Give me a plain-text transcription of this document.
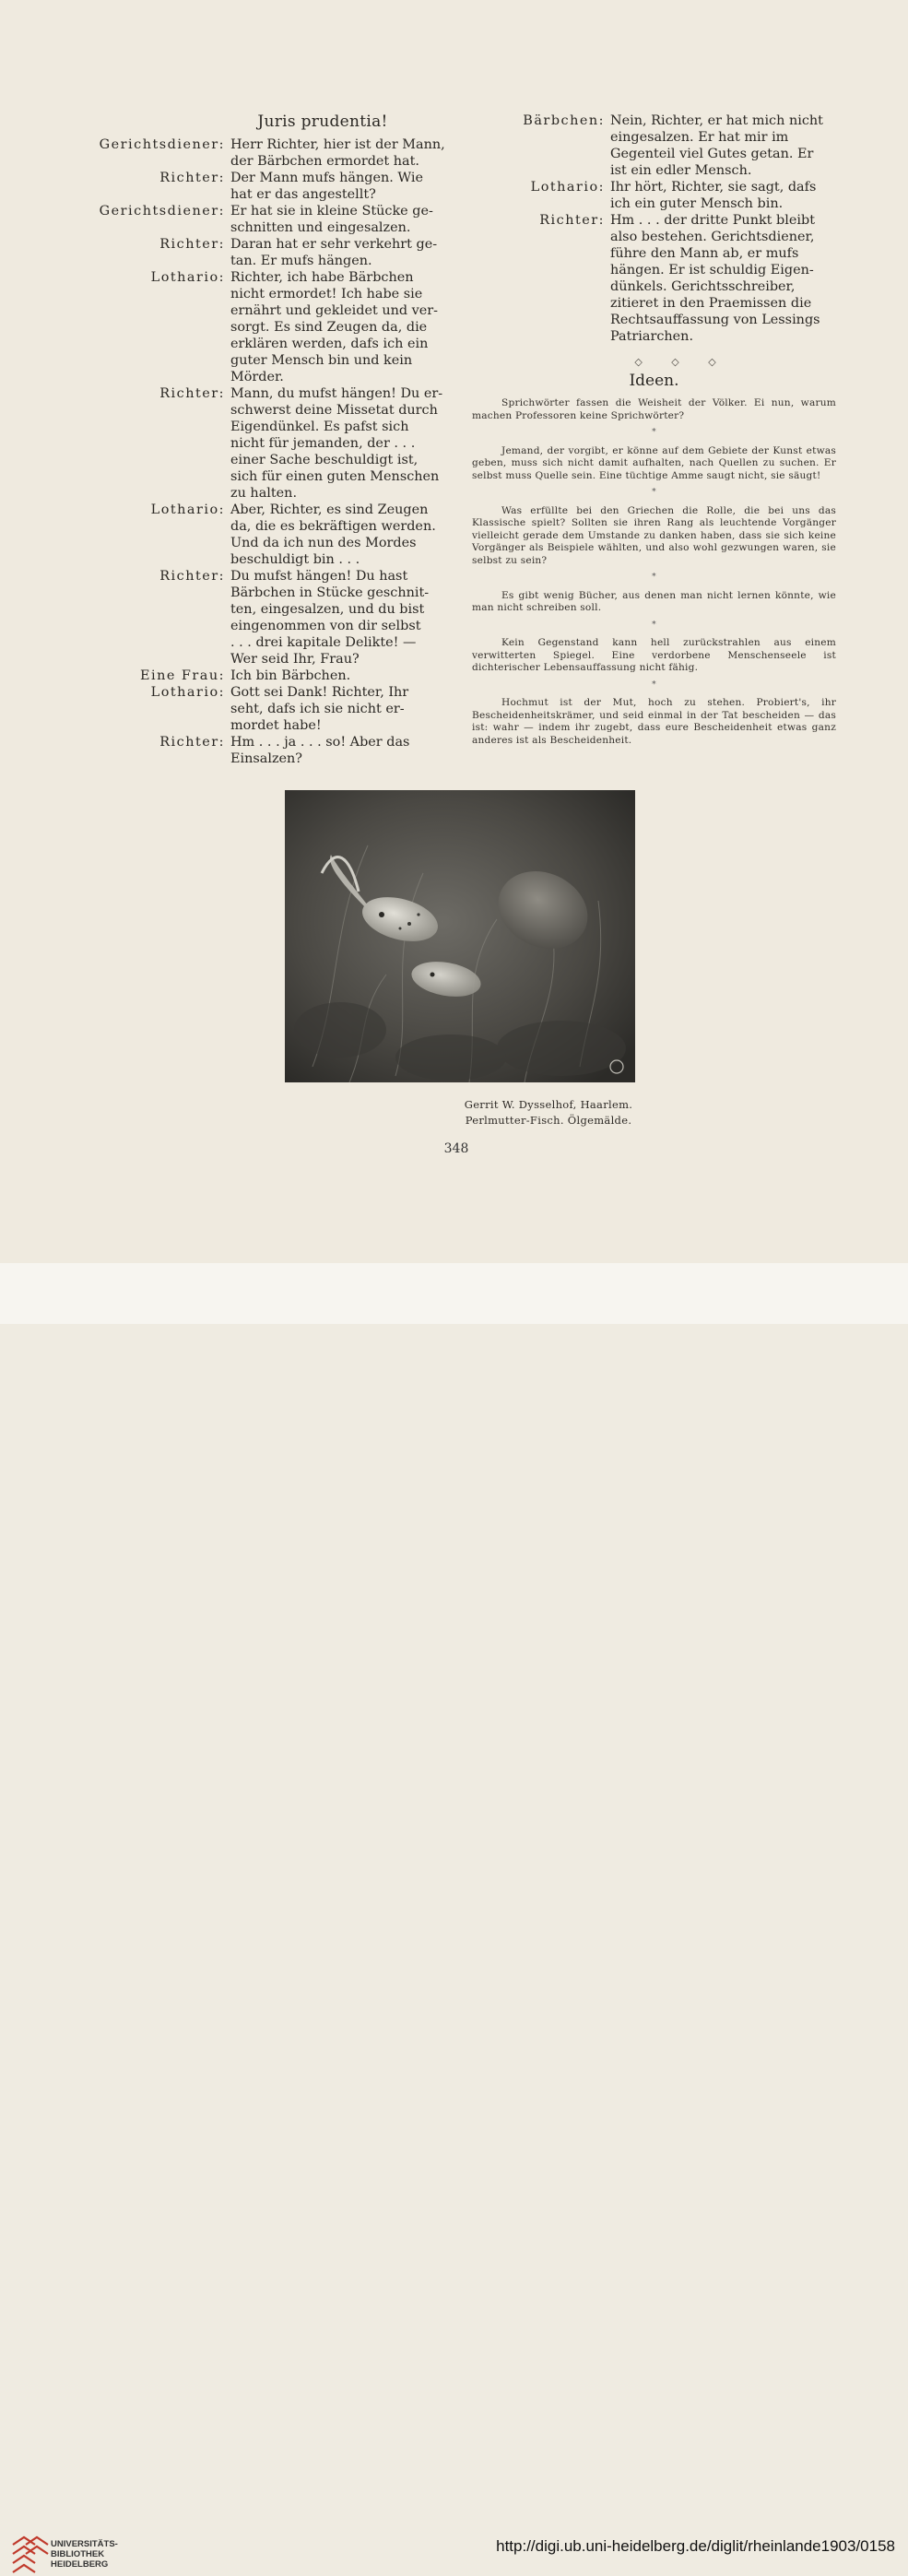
Juris prudentia!
Gerichtsdiener: Herr Richter, hier ist der Mann,
der Bärbchen ermordet hat.
Richter: Der Mann mufs hängen. Wie
hat er das angestellt?
Gerichtsdiener: Er hat sie in kleine Stücke ge-
schnitten und eingesalzen.
Richter: Daran hat er sehr verkehrt ge-
tan. Er mufs hängen.
Lothario: Richter, ich habe Bärbchen
nicht ermordet! Ich habe sie
ernährt und gekleidet und ver-
sorgt. Es sind Zeugen da, die
erklären werden, dafs ich ein
guter Mensch bin und kein
Mörder.
Richter: Mann, du mufst hängen! Du er-
schwerst deine Missetat durch
Eigendünkel. Es pafst sich
nicht für jemanden, der . . .
einer Sache beschuldigt ist,
sich für einen guten Menschen
zu halten.
Lothario: Aber, Richter, es sind Zeugen
da, die es bekräftigen werden.
Und da ich nun des Mordes
beschuldigt bin . . .
Richter: Du mufst hängen! Du hast
Bärbchen in Stücke geschnit-
ten, eingesalzen, und du bist
eingenommen von dir selbst
. . . drei kapitale Delikte! —
Wer seid Ihr, Frau?
Eine Frau: Ich bin Bärbchen.
Lothario: Gott sei Dank! Richter, Ihr
seht, dafs ich sie nicht er-
mordet habe!
Richter: Hm . . . ja . . . so! Aber das
Einsalzen?
Bärbchen: Nein, Richter, er hat mich nicht
eingesalzen. Er hat mir im
Gegenteil viel Gutes getan. Er
ist ein edler Mensch.
Lothario: Ihr hört, Richter, sie sagt, dafs
ich ein guter Mensch bin.
Richter: Hm . . . der dritte Punkt bleibt
also bestehen. Gerichtsdiener,
führe den Mann ab, er mufs
hängen. Er ist schuldig Eigen-
dünkels. Gerichtsschreiber,
zitieret in den Praemissen die
Rechtsauffassung von Lessings
Patriarchen.
◇ ◇ ◇
Ideen.

Sprichwörter fassen die Weisheit der Völker. Ei nun, warum machen Professoren keine Sprichwörter?

*

Jemand, der vorgibt, er könne auf dem Gebiete der Kunst etwas geben, muss sich nicht damit aufhalten, nach Quellen zu suchen. Er selbst muss Quelle sein. Eine tüchtige Amme saugt nicht, sie säugt!

*

Was erfüllte bei den Griechen die Rolle, die bei uns das Klassische spielt? Sollten sie ihren Rang als leuchtende Vorgänger vielleicht gerade dem Umstande zu danken haben, dass sie sich keine Vorgänger als Beispiele wählten, und also wohl gezwungen waren, sie selbst zu sein?

*

Es gibt wenig Bücher, aus denen man nicht lernen könnte, wie man nicht schreiben soll.

*

Kein Gegenstand kann hell zurückstrahlen aus einem verwitterten Spiegel. Eine verdorbene Menschenseele ist dichterischer Lebensauffassung nicht fähig.

*

Hochmut ist der Mut, hoch zu stehen. Probiert's, ihr Bescheidenheitskrämer, und seid einmal in der Tat bescheiden — das ist: wahr — indem ihr zugebt, dass eure Bescheidenheit etwas ganz anderes ist als Bescheidenheit.

Gerrit W. Dysselhof, Haarlem.
Perlmutter-Fisch. Ölgemälde.
348
UNIVERSITÄTS-
BIBLIOTHEK
HEIDELBERG
http://digi.ub.uni-heidelberg.de/diglit/rheinlande1903/0158
